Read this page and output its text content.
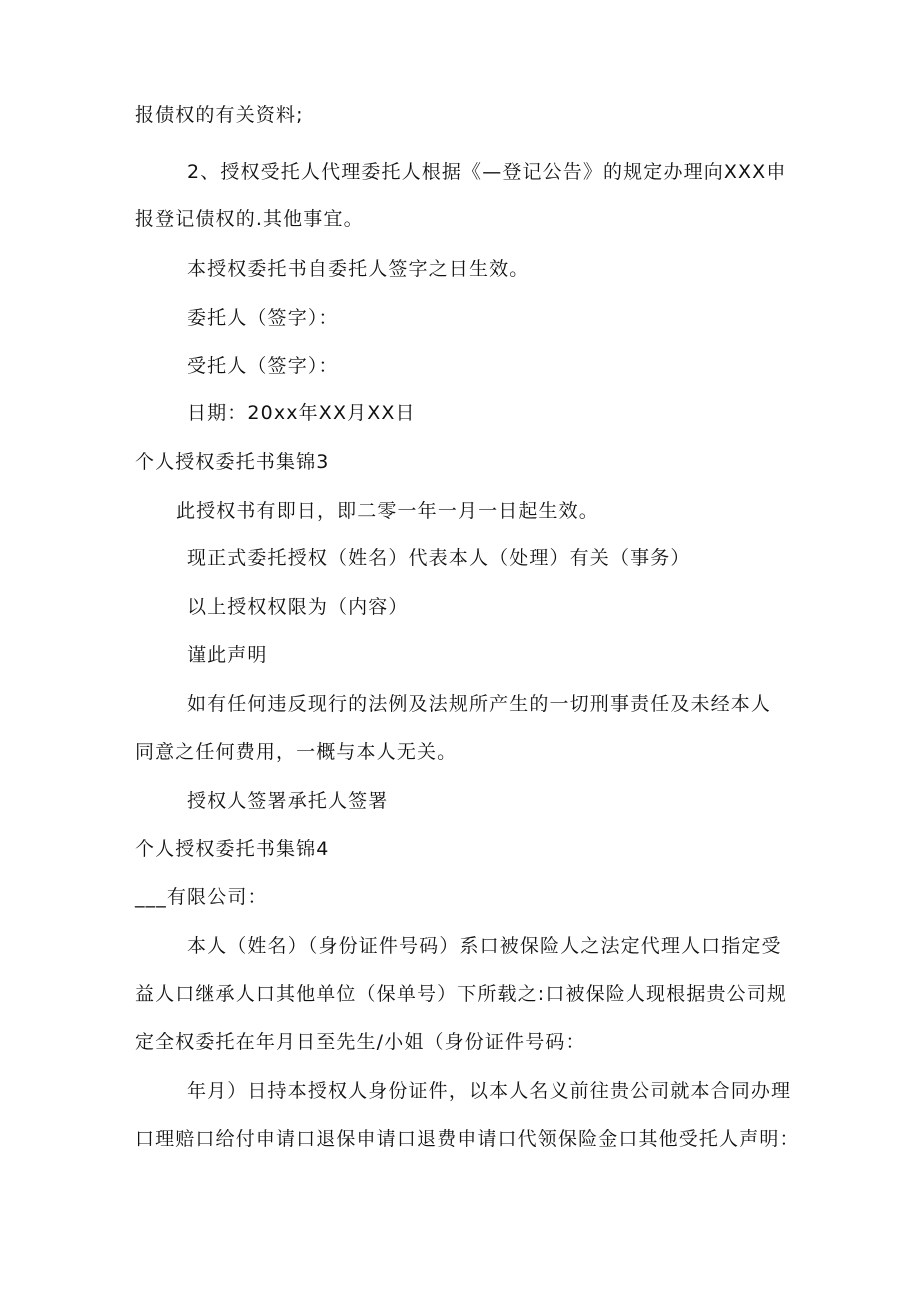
报债权的有关资料;
2、授权受托人代理委托人根据《—登记公告》的规定办理向XXX申
报登记债权的.其他事宜。
本授权委托书自委托人签字之日生效。
委托人（签字）：
受托人（签字）：
日期：20xx年XX月XX日
个人授权委托书集锦3
此授权书有即日，即二零一年一月一日起生效。
现正式委托授权（姓名）代表本人（处理）有关（事务）
以上授权权限为（内容）
谨此声明
如有任何违反现行的法例及法规所产生的一切刑事责任及未经本人
同意之任何费用，一概与本人无关。
授权人签署承托人签署
个人授权委托书集锦4
___有限公司：
本人（姓名）（身份证件号码）系口被保险人之法定代理人口指定受
益人口继承人口其他单位（保单号）下所载之:口被保险人现根据贵公司规
定全权委托在年月日至先生/小姐（身份证件号码：
年月）日持本授权人身份证件，以本人名义前往贵公司就本合同办理
口理赔口给付申请口退保申请口退费申请口代领保险金口其他受托人声明：
